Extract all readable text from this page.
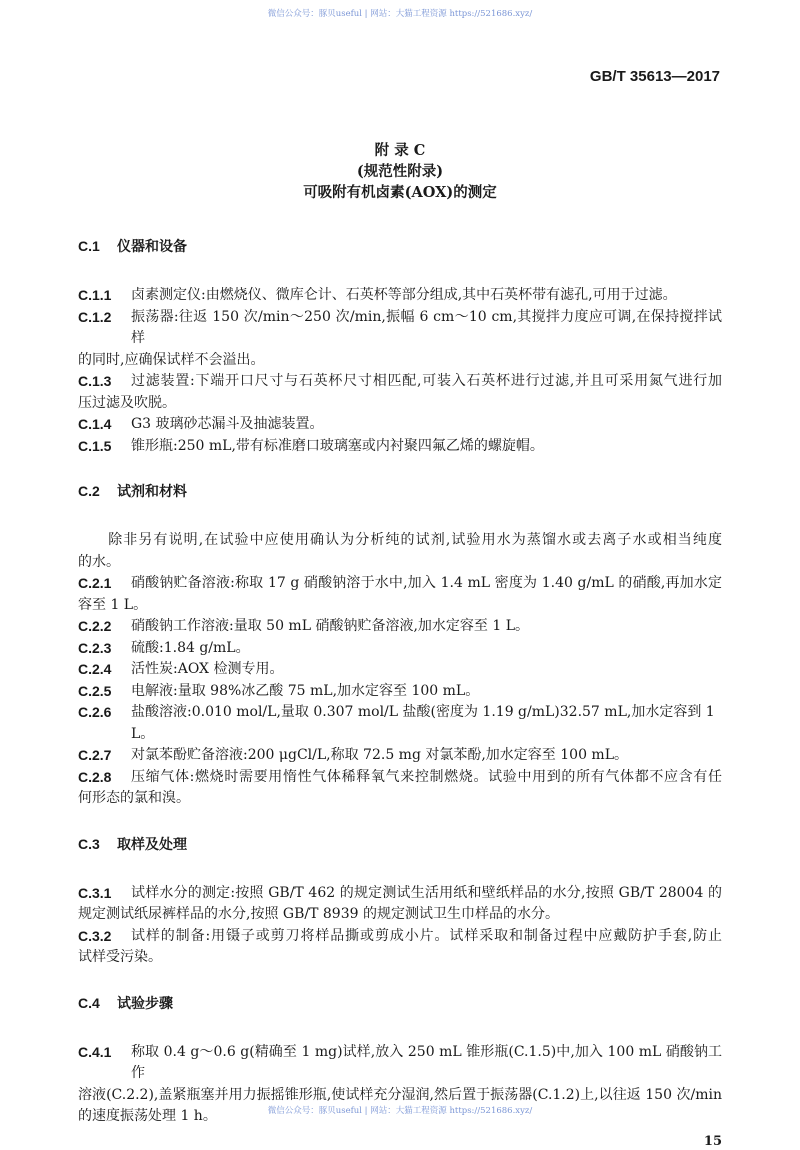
微信公众号：豚贝useful | 网站：大猫工程资源 https://521686.xyz/
GB/T 35613—2017
附 录 C
(规范性附录)
可吸附有机卤素(AOX)的测定
C.1 仪器和设备
C.1.1	卤素测定仪:由燃烧仪、微库仑计、石英杯等部分组成,其中石英杯带有滤孔,可用于过滤。
C.1.2	振荡器:往返 150 次/min～250 次/min,振幅 6 cm～10 cm,其搅拌力度应可调,在保持搅拌试样
的同时,应确保试样不会溢出。
C.1.3	过滤装置:下端开口尺寸与石英杯尺寸相匹配,可装入石英杯进行过滤,并且可采用氮气进行加
压过滤及吹脱。
C.1.4	G3 玻璃砂芯漏斗及抽滤装置。
C.1.5	锥形瓶:250 mL,带有标准磨口玻璃塞或内衬聚四氟乙烯的螺旋帽。
C.2 试剂和材料
　　除非另有说明,在试验中应使用确认为分析纯的试剂,试验用水为蒸馏水或去离子水或相当纯度
的水。
C.2.1	硝酸钠贮备溶液:称取 17 g 硝酸钠溶于水中,加入 1.4 mL 密度为 1.40 g/mL 的硝酸,再加水定
容至 1 L。
C.2.2	硝酸钠工作溶液:量取 50 mL 硝酸钠贮备溶液,加水定容至 1 L。
C.2.3	硫酸:1.84 g/mL。
C.2.4	活性炭:AOX 检测专用。
C.2.5	电解液:量取 98%冰乙酸 75 mL,加水定容至 100 mL。
C.2.6	盐酸溶液:0.010 mol/L,量取 0.307 mol/L 盐酸(密度为 1.19 g/mL)32.57 mL,加水定容到 1 L。
C.2.7	对氯苯酚贮备溶液:200 μgCl/L,称取 72.5 mg 对氯苯酚,加水定容至 100 mL。
C.2.8	压缩气体:燃烧时需要用惰性气体稀释氧气来控制燃烧。试验中用到的所有气体都不应含有任
何形态的氯和溴。
C.3 取样及处理
C.3.1	试样水分的测定:按照 GB/T 462 的规定测试生活用纸和壁纸样品的水分,按照 GB/T 28004 的
规定测试纸尿裤样品的水分,按照 GB/T 8939 的规定测试卫生巾样品的水分。
C.3.2	试样的制备:用镊子或剪刀将样品撕或剪成小片。试样采取和制备过程中应戴防护手套,防止
试样受污染。
C.4 试验步骤
C.4.1	称取 0.4 g～0.6 g(精确至 1 mg)试样,放入 250 mL 锥形瓶(C.1.5)中,加入 100 mL 硝酸钠工作
溶液(C.2.2),盖紧瓶塞并用力振摇锥形瓶,使试样充分湿润,然后置于振荡器(C.1.2)上,以往返 150 次/min
的速度振荡处理 1 h。
15
微信公众号：豚贝useful | 网站：大猫工程资源 https://521686.xyz/
